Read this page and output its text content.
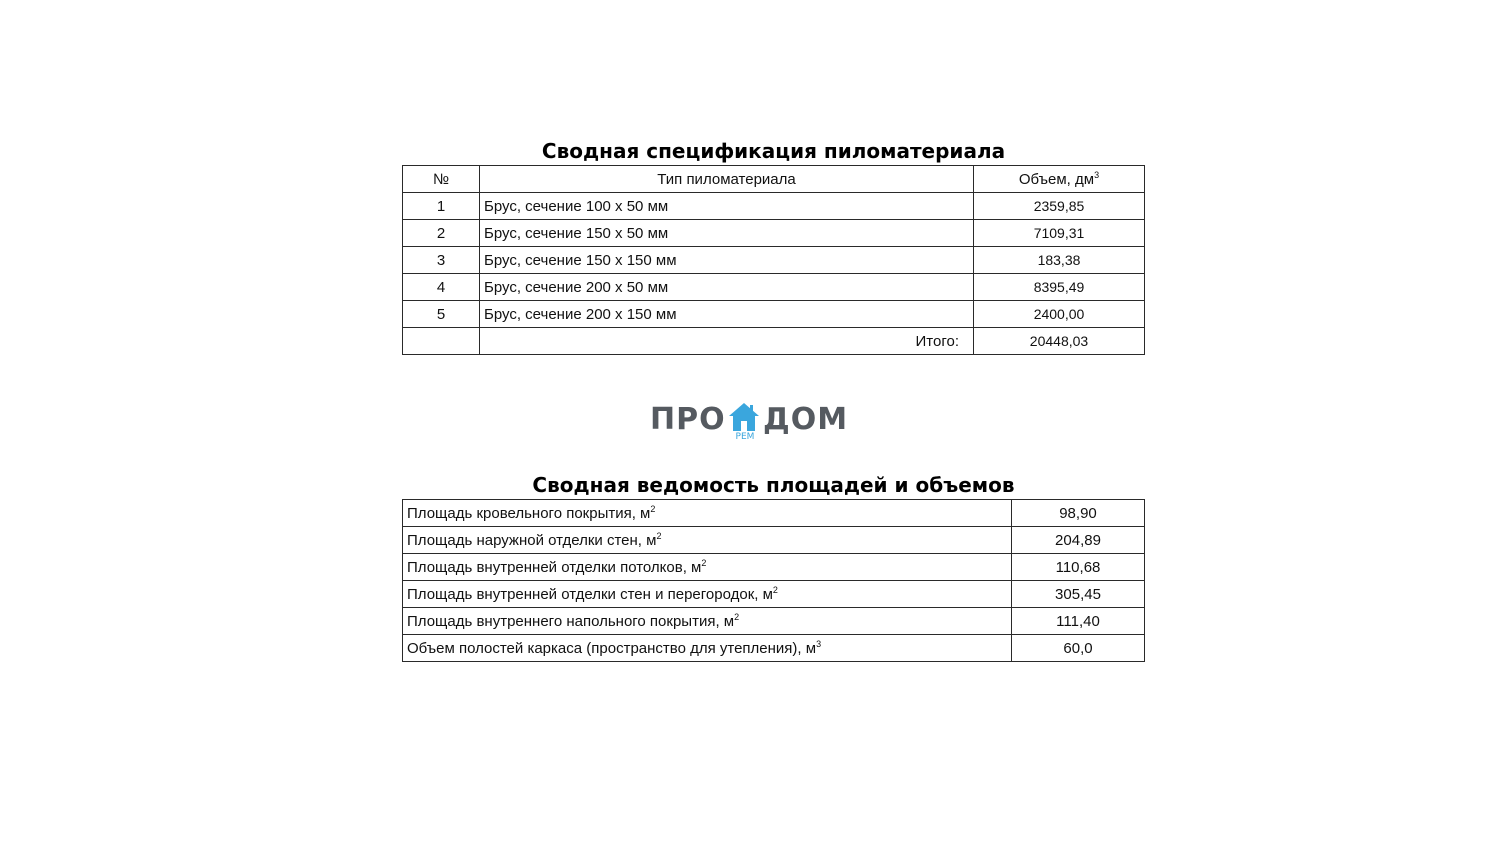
Сводная спецификация пиломатериала
№	Тип пиломатериала	Объем, $дм^3$
1	Брус, сечение 100 х 50 мм	2359,85
2	Брус, сечение 150 х 50 мм	7109,31
3	Брус, сечение 150 х 150 мм	183,38
4	Брус, сечение 200 х 50 мм	8395,49
5	Брус, сечение 200 х 150 мм	2400,00
	Итого:	20448,03
ПРО	РЕМ ДОМ
Сводная ведомость площадей и объемов
Площадь кровельного покрытия, $м^2$	98,90
Площадь наружной отделки стен, $м^2$	204,89
Площадь внутренней отделки потолков, $м^2$	110,68
Площадь внутренней отделки стен и перегородок, $м^2$	305,45
Площадь внутреннего напольного покрытия, $м^2$	111,40
Объем полостей каркаса (пространство для утепления), $м^3$	60,0
